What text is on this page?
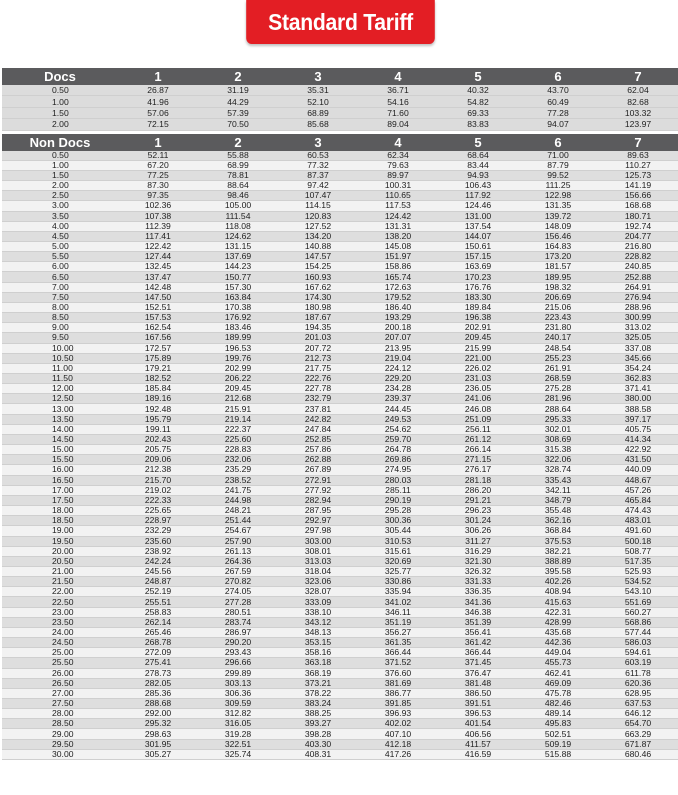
Standard Tariff
Docs	1	2	3	4	5	6	7
0.50	26.87	31.19	35.31	36.71	40.32	43.70	62.04
1.00	41.96	44.29	52.10	54.16	54.82	60.49	82.68
1.50	57.06	57.39	68.89	71.60	69.33	77.28	103.32
2.00	72.15	70.50	85.68	89.04	83.83	94.07	123.97

Non Docs	1	2	3	4	5	6	7
0.50	52.11	55.88	60.53	62.34	68.64	71.00	89.63
1.00	67.20	68.99	77.32	79.63	83.44	87.79	110.27
1.50	77.25	78.81	87.37	89.97	94.93	99.52	125.73
2.00	87.30	88.64	97.42	100.31	106.43	111.25	141.19
2.50	97.35	98.46	107.47	110.65	117.92	122.98	156.66
3.00	102.36	105.00	114.15	117.53	124.46	131.35	168.68
3.50	107.38	111.54	120.83	124.42	131.00	139.72	180.71
4.00	112.39	118.08	127.52	131.31	137.54	148.09	192.74
4.50	117.41	124.62	134.20	138.20	144.07	156.46	204.77
5.00	122.42	131.15	140.88	145.08	150.61	164.83	216.80
5.50	127.44	137.69	147.57	151.97	157.15	173.20	228.82
6.00	132.45	144.23	154.25	158.86	163.69	181.57	240.85
6.50	137.47	150.77	160.93	165.74	170.23	189.95	252.88
7.00	142.48	157.30	167.62	172.63	176.76	198.32	264.91
7.50	147.50	163.84	174.30	179.52	183.30	206.69	276.94
8.00	152.51	170.38	180.98	186.40	189.84	215.06	288.96
8.50	157.53	176.92	187.67	193.29	196.38	223.43	300.99
9.00	162.54	183.46	194.35	200.18	202.91	231.80	313.02
9.50	167.56	189.99	201.03	207.07	209.45	240.17	325.05
10.00	172.57	196.53	207.72	213.95	215.99	248.54	337.08
10.50	175.89	199.76	212.73	219.04	221.00	255.23	345.66
11.00	179.21	202.99	217.75	224.12	226.02	261.91	354.24
11.50	182.52	206.22	222.76	229.20	231.03	268.59	362.83
12.00	185.84	209.45	227.78	234.28	236.05	275.28	371.41
12.50	189.16	212.68	232.79	239.37	241.06	281.96	380.00
13.00	192.48	215.91	237.81	244.45	246.08	288.64	388.58
13.50	195.79	219.14	242.82	249.53	251.09	295.33	397.17
14.00	199.11	222.37	247.84	254.62	256.11	302.01	405.75
14.50	202.43	225.60	252.85	259.70	261.12	308.69	414.34
15.00	205.75	228.83	257.86	264.78	266.14	315.38	422.92
15.50	209.06	232.06	262.88	269.86	271.15	322.06	431.50
16.00	212.38	235.29	267.89	274.95	276.17	328.74	440.09
16.50	215.70	238.52	272.91	280.03	281.18	335.43	448.67
17.00	219.02	241.75	277.92	285.11	286.20	342.11	457.26
17.50	222.33	244.98	282.94	290.19	291.21	348.79	465.84
18.00	225.65	248.21	287.95	295.28	296.23	355.48	474.43
18.50	228.97	251.44	292.97	300.36	301.24	362.16	483.01
19.00	232.29	254.67	297.98	305.44	306.26	368.84	491.60
19.50	235.60	257.90	303.00	310.53	311.27	375.53	500.18
20.00	238.92	261.13	308.01	315.61	316.29	382.21	508.77
20.50	242.24	264.36	313.03	320.69	321.30	388.89	517.35
21.00	245.56	267.59	318.04	325.77	326.32	395.58	525.93
21.50	248.87	270.82	323.06	330.86	331.33	402.26	534.52
22.00	252.19	274.05	328.07	335.94	336.35	408.94	543.10
22.50	255.51	277.28	333.09	341.02	341.36	415.63	551.69
23.00	258.83	280.51	338.10	346.11	346.38	422.31	560.27
23.50	262.14	283.74	343.12	351.19	351.39	428.99	568.86
24.00	265.46	286.97	348.13	356.27	356.41	435.68	577.44
24.50	268.78	290.20	353.15	361.35	361.42	442.36	586.03
25.00	272.09	293.43	358.16	366.44	366.44	449.04	594.61
25.50	275.41	296.66	363.18	371.52	371.45	455.73	603.19
26.00	278.73	299.89	368.19	376.60	376.47	462.41	611.78
26.50	282.05	303.13	373.21	381.69	381.48	469.09	620.36
27.00	285.36	306.36	378.22	386.77	386.50	475.78	628.95
27.50	288.68	309.59	383.24	391.85	391.51	482.46	637.53
28.00	292.00	312.82	388.25	396.93	396.53	489.14	646.12
28.50	295.32	316.05	393.27	402.02	401.54	495.83	654.70
29.00	298.63	319.28	398.28	407.10	406.56	502.51	663.29
29.50	301.95	322.51	403.30	412.18	411.57	509.19	671.87
30.00	305.27	325.74	408.31	417.26	416.59	515.88	680.46
